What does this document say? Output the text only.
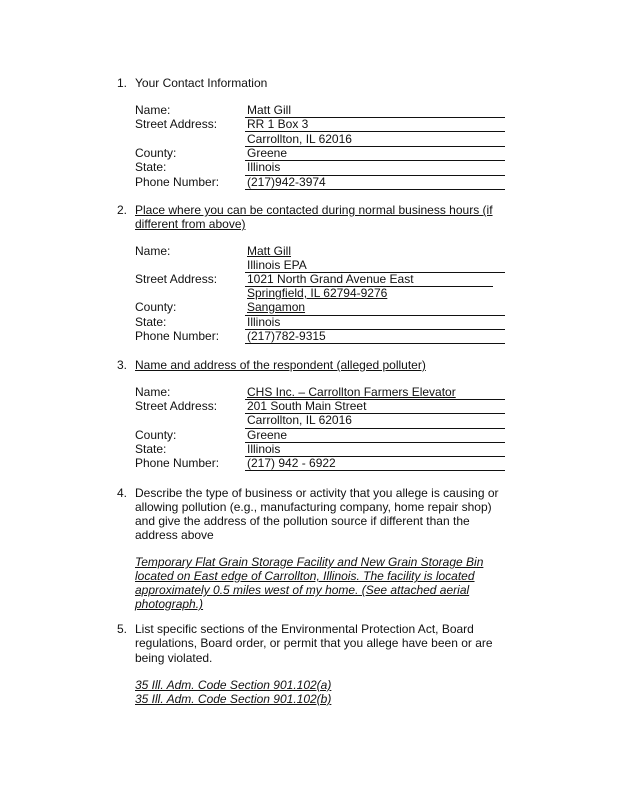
1. Your Contact Information
Name:	Matt Gill
Street Address: RR 1 Box 3
Carrollton, IL 62016
County:	Greene
State:	Illinois
Phone Number: (217)942-3974
2. Place where you can be contacted during normal business hours (if
different from above)
Name:	Matt Gill
Illinois EPA
Street Address: 1021 North Grand Avenue East
Springfield, IL 62794-9276
County:	Sangamon
State:	Illinois
Phone Number: (217)782-9315
3. Name and address of the respondent (alleged polluter)
Name:	CHS Inc. – Carrollton Farmers Elevator
Street Address: 201 South Main Street
Carrollton, IL 62016
County:	Greene
State:	Illinois
Phone Number: (217) 942 - 6922
4. Describe the type of business or activity that you allege is causing or
allowing pollution (e.g., manufacturing company, home repair shop)
and give the address of the pollution source if different than the
address above
Temporary Flat Grain Storage Facility and New Grain Storage Bin
located on East edge of Carrollton, Illinois. The facility is located
approximately 0.5 miles west of my home. (See attached aerial
photograph.)
5. List specific sections of the Environmental Protection Act, Board
regulations, Board order, or permit that you allege have been or are
being violated.
35 Ill. Adm. Code Section 901.102(a)
35 Ill. Adm. Code Section 901.102(b)
